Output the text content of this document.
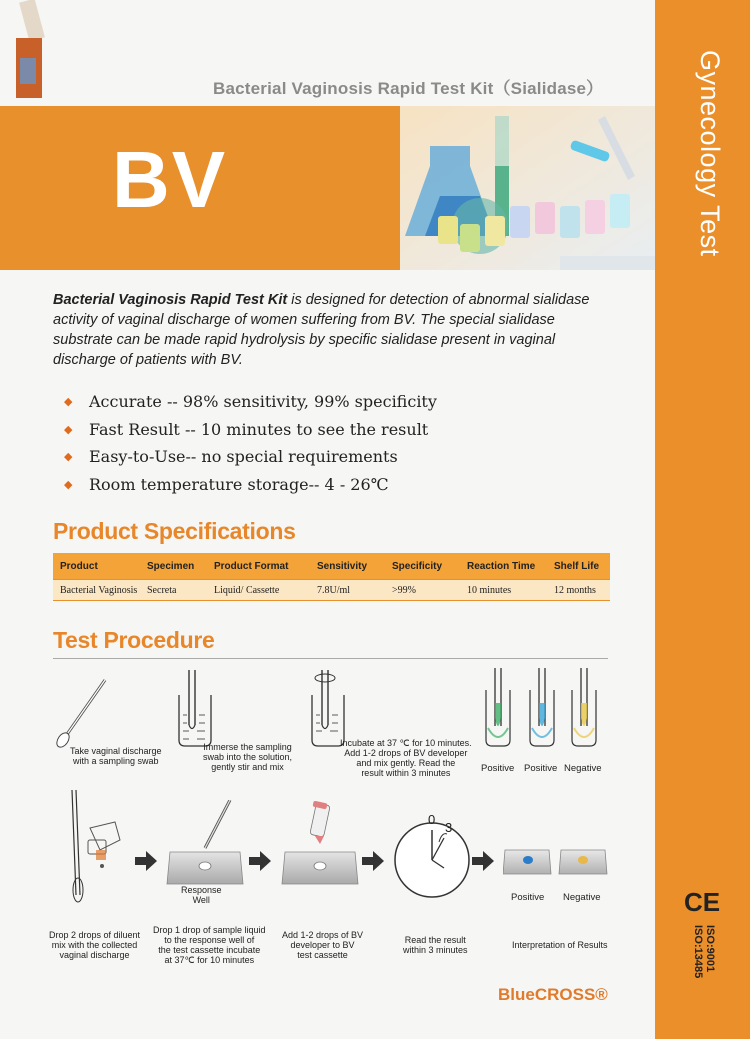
Bacterial Vaginosis Rapid Test Kit（Sialidase）
BV	Gynecology Test
CE
ISO:9001
ISO:13485
Bacterial Vaginosis Rapid Test Kit is designed for detection of abnormal sialidase activity of vaginal discharge of women suffering from BV. The special sialidase substrate can be made rapid hydrolysis by specific sialidase present in vaginal discharge of patients with BV.
◆	Accurate -- 98% sensitivity, 99% specificity
◆	Fast Result -- 10 minutes to see the result
◆	Easy-to-Use-- no special requirements
◆	Room temperature storage-- 4 - 26℃
Product Specifications
Product	Specimen	Product Format	Sensitivity	Specificity	Reaction Time	Shelf Life
Bacterial Vaginosis	Secreta	Liquid/ Cassette	7.8U/ml	>99%	10 minutes	12 months
Test Procedure
Take vaginal discharge
with a sampling swab
Immerse the sampling
swab into the solution,
gently stir and mix
Incubate at 37 ℃ for 10 minutes.
Add 1-2 drops of BV developer
and mix gently. Read the
result within 3 minutes	Positive Positive Negative
Drop 2 drops of diluent
mix with the collected
vaginal discharge
Response
Well
Drop 1 drop of sample liquid
to the response well of
the test cassette incubate
at 37℃ for 10 minutes
Add 1-2 drops of BV
developer to BV
test cassette
0
3
Read the result
within 3 minutes
Positive Negative
Interpretation of Results
BlueCROSS®
